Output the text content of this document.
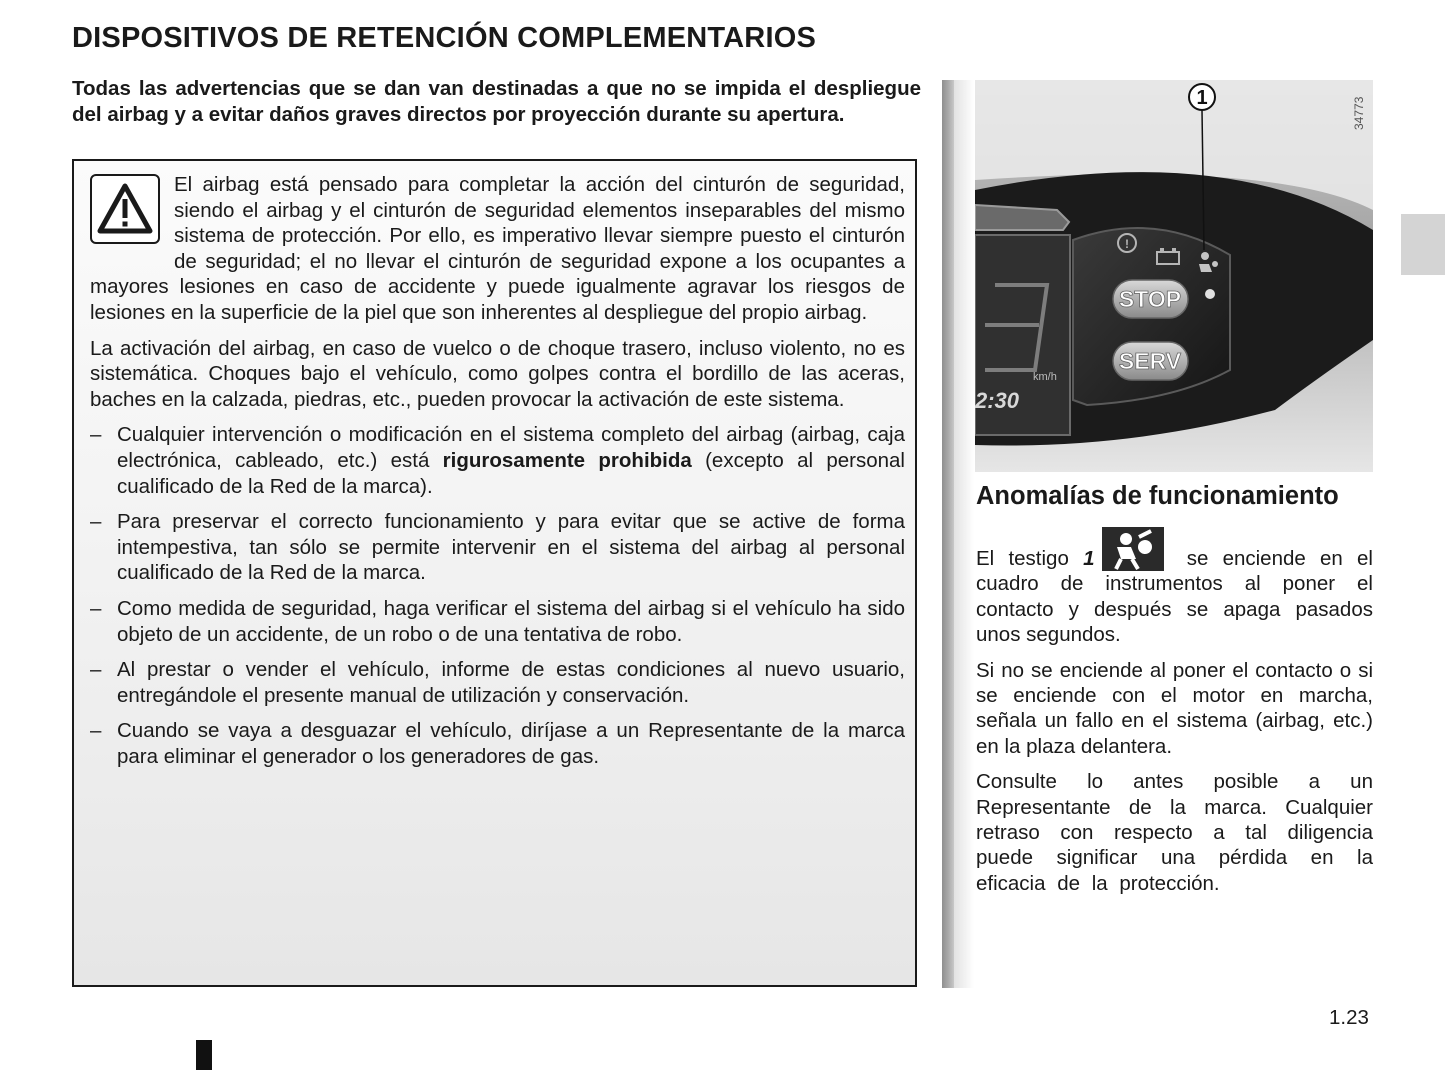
DISPOSITIVOS DE RETENCIÓN COMPLEMENTARIOS
Todas las advertencias que se dan van destinadas a que no se impida el despliegue del airbag y a evitar daños graves directos por proyección durante su apertura.

El airbag está pensado para completar la acción del cinturón de seguridad, siendo el airbag y el cinturón de seguridad elementos inseparables del mismo sistema de protección. Por ello, es imperativo llevar siempre puesto el cinturón de seguridad; el no llevar el cinturón de seguridad expone a los ocupantes a mayores lesiones en caso de accidente y puede igualmente agravar los riesgos de lesiones en la superficie de la piel que son inherentes al despliegue del propio airbag.

La activación del airbag, en caso de vuelco o de choque trasero, incluso violento, no es sistemática. Choques bajo el vehículo, como golpes contra el bordillo de las aceras, baches en la calzada, piedras, etc., pueden provocar la activación de este sistema.

– Cualquier intervención o modificación en el sistema completo del airbag (airbag, caja electrónica, cableado, etc.) está rigurosamente prohibida (excepto al personal cualificado de la Red de la marca).
– Para preservar el correcto funcionamiento y para evitar que se active de forma intempestiva, tan sólo se permite intervenir en el sistema del airbag al personal cualificado de la Red de la marca.
– Como medida de seguridad, haga verificar el sistema del airbag si el vehículo ha sido objeto de un accidente, de un robo o de una tentativa de robo.
– Al prestar o vender el vehículo, informe de estas condiciones al nuevo usuario, entregándole el presente manual de utilización y conservación.
– Cuando se vaya a desguazar el vehículo, diríjase a un Representante de la marca para eliminar el generador o los generadores de gas.
km/h
2:30
!
STOP
SERV
1	34773
Anomalías de funcionamiento

El testigo 1	se enciende en el cuadro de instrumentos al poner el contacto y después se apaga pasados unos segundos.

Si no se enciende al poner el contacto o si se enciende con el motor en marcha, señala un fallo en el sistema (airbag, etc.) en la plaza delantera.

Consulte lo antes posible a un Representante de la marca. Cualquier retraso con respecto a tal diligencia puede significar una pérdida en la eficacia de la protección.

1.23
